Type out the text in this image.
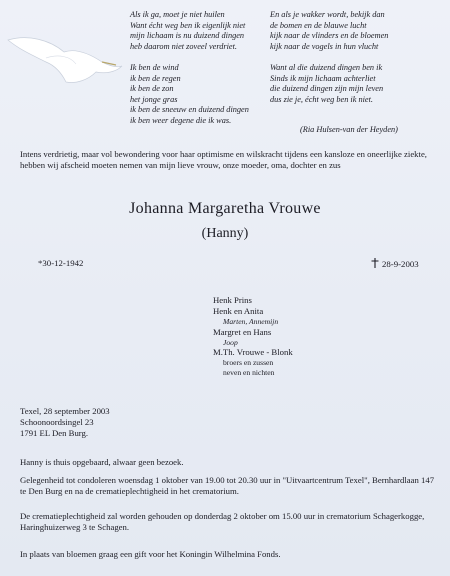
Als ik ga, moet je niet huilen
Want écht weg ben ik eigenlijk niet
mijn lichaam is nu duizend dingen
heb daarom niet zoveel verdriet.
Ik ben de wind
ik ben de regen
ik ben de zon
het jonge gras
ik ben de sneeuw en duizend dingen
ik ben weer degene die ik was.
En als je wakker wordt, bekijk dan
de bomen en de blauwe lucht
kijk naar de vlinders en de bloemen
kijk naar de vogels in hun vlucht
Want al die duizend dingen ben ik
Sinds ik mijn lichaam achterliet
die duizend dingen zijn mijn leven
dus zie je, écht weg ben ik niet.
(Ria Hulsen-van der Heyden)
Intens verdrietig, maar vol bewondering voor haar optimisme en wilskracht tijdens een kansloze en oneerlijke ziekte, hebben wij afscheid moeten nemen van mijn lieve vrouw, onze moeder, oma, dochter en zus
Johanna Margaretha Vrouwe
(Hanny)
*30-12-1942	28-9-2003
Henk Prins
Henk en Anita
Marten, Annemijn
Margret en Hans
Joop
M.Th. Vrouwe - Blonk
broers en zussen
neven en nichten
Texel, 28 september 2003
Schoonoordsingel 23
1791 EL Den Burg.
Hanny is thuis opgebaard, alwaar geen bezoek.
Gelegenheid tot condoleren woensdag 1 oktober van 19.00 tot 20.30 uur in "Uitvaartcentrum Texel", Bernhardlaan 147 te Den Burg en na de crematieplechtigheid in het crematorium.
De crematieplechtigheid zal worden gehouden op donderdag 2 oktober om 15.00 uur in crematorium Schagerkogge, Haringhuizerweg 3 te Schagen.
In plaats van bloemen graag een gift voor het Koningin Wilhelmina Fonds.
